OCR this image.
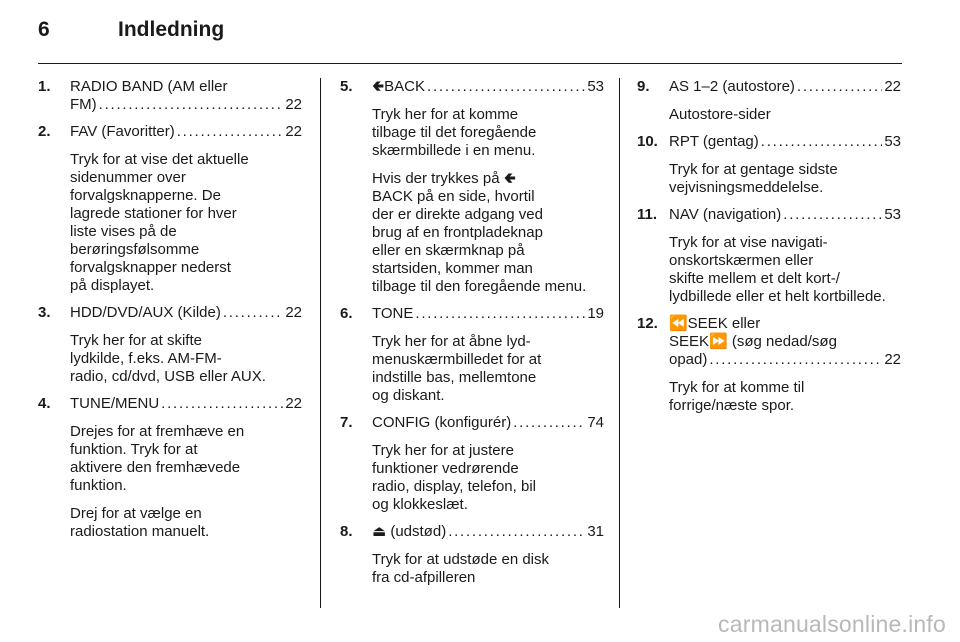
6	Indledning
1.	RADIO BAND (AM eller
FM) . . .	22
2.	FAV (Favoritter) . . .	22
Tryk for at vise det aktuelle
sidenummer over
forvalgsknapperne. De
lagrede stationer for hver
liste vises på de
berøringsfølsomme
forvalgsknapper nederst
på displayet.
3.	HDD/DVD/AUX (Kilde) . . .	22
Tryk her for at skifte
lydkilde, f.eks. AM-FM-
radio, cd/dvd, USB eller AUX.
4.	TUNE/MENU . . .	22
Drejes for at fremhæve en
funktion. Tryk for at
aktivere den fremhævede
funktion.
Drej for at vælge en
radiostation manuelt.
5.	🢀BACK . . .	53
Tryk her for at komme
tilbage til det foregående
skærmbillede i en menu.
Hvis der trykkes på 🢀
BACK på en side, hvortil
der er direkte adgang ved
brug af en frontpladeknap
eller en skærmknap på
startsiden, kommer man
tilbage til den foregående menu.
6.	TONE . . .	19
Tryk her for at åbne lyd-
menuskærmbilledet for at
indstille bas, mellemtone
og diskant.
7.	CONFIG (konfigurér) . . .	74
Tryk her for at justere
funktioner vedrørende
radio, display, telefon, bil
og klokkeslæt.
8.	⏏ (udstød) . . .	31
Tryk for at udstøde en disk
fra cd-afpilleren
9.	AS 1–2 (autostore) . . .	22
Autostore-sider
10. RPT (gentag) . . .	53
Tryk for at gentage sidste
vejvisningsmeddelelse.
11. NAV (navigation) . . .	53
Tryk for at vise navigati-
onskortskærmen eller
skifte mellem et delt kort-/
lydbillede eller et helt kortbillede.
12. ⏪SEEK eller
SEEK⏩ (søg nedad/søg
opad) . . .	22
Tryk for at komme til
forrige/næste spor.
carmanualsonline.info
